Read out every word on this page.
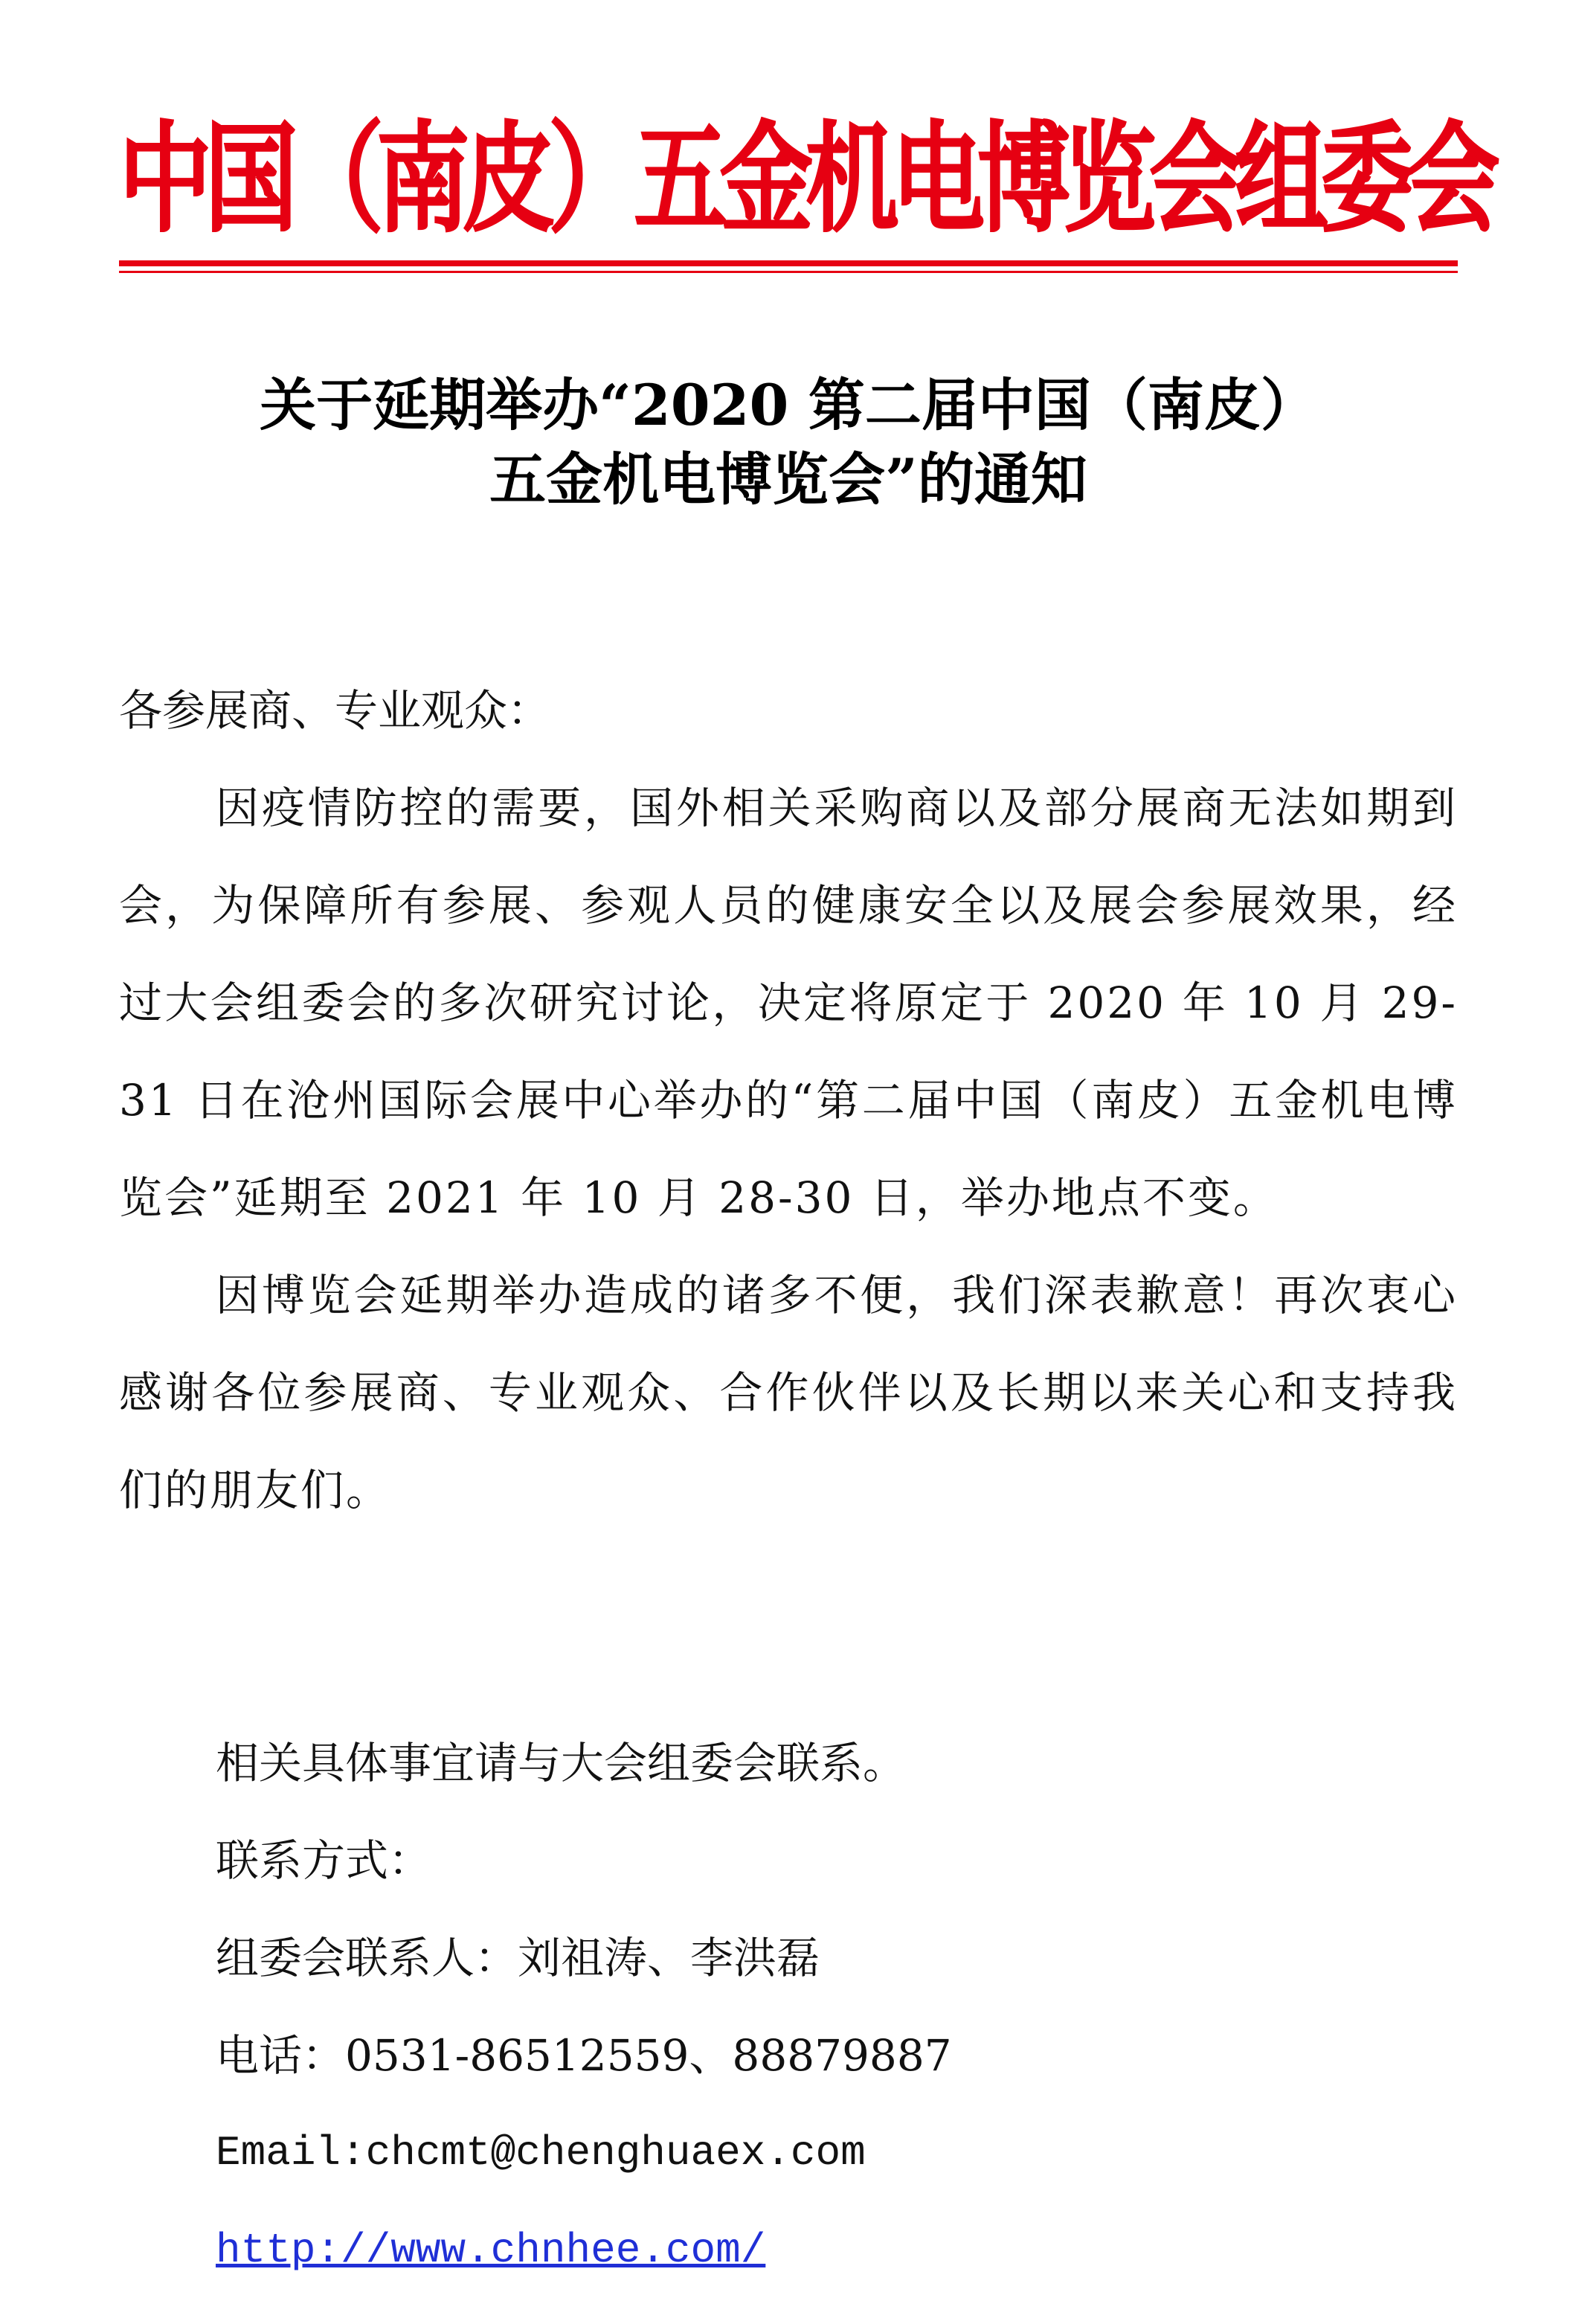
中国（南皮）五金机电博览会组委会
关于延期举办“2020 第二届中国（南皮）
五金机电博览会”的通知

各参展商、专业观众：

因疫情防控的需要，国外相关采购商以及部分展商无法如期到会，为保障所有参展、参观人员的健康安全以及展会参展效果，经过大会组委会的多次研究讨论，决定将原定于 2020 年 10 月 29-31 日在沧州国际会展中心举办的“第二届中国（南皮）五金机电博览会”延期至 2021 年 10 月 28-30 日，举办地点不变。

因博览会延期举办造成的诸多不便，我们深表歉意！再次衷心感谢各位参展商、专业观众、合作伙伴以及长期以来关心和支持我们的朋友们。

相关具体事宜请与大会组委会联系。

联系方式：

组委会联系人：刘祖涛、李洪磊

电话：0531-86512559、88879887

Email:chcmt@chenghuaex.com

http://www.chnhee.com/
